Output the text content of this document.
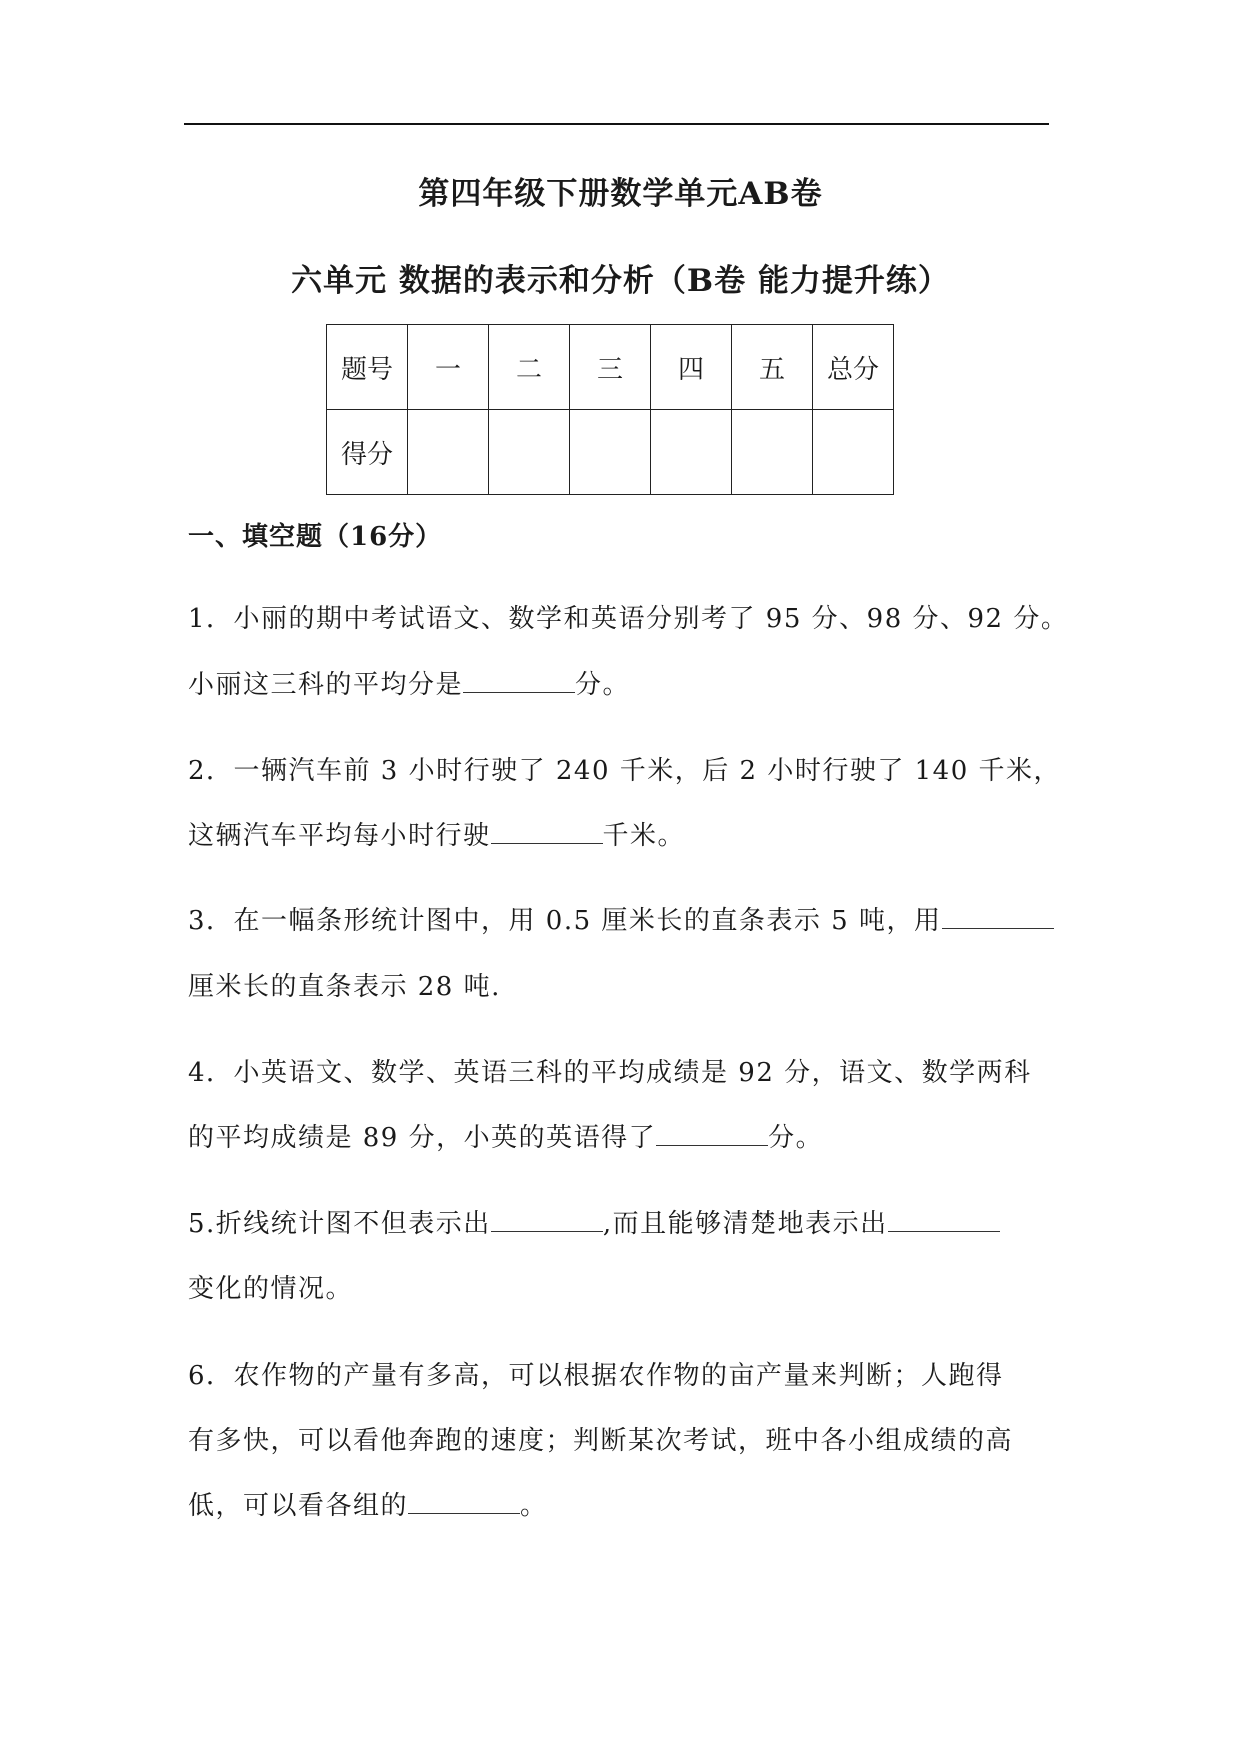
第四年级下册数学单元AB卷
六单元 数据的表示和分析（B卷 能力提升练）
题号	一	二	三	四	五	总分
得分						
一、填空题（16分）
1．小丽的期中考试语文、数学和英语分别考了 95 分、98 分、92 分。
小丽这三科的平均分是	分。
2．一辆汽车前 3 小时行驶了 240 千米，后 2 小时行驶了 140 千米，
这辆汽车平均每小时行驶	千米。
3．在一幅条形统计图中，用 0.5 厘米长的直条表示 5 吨，用
厘米长的直条表示 28 吨.
4．小英语文、数学、英语三科的平均成绩是 92 分，语文、数学两科
的平均成绩是 89 分，小英的英语得了	分。
5.折线统计图不但表示出	,而且能够清楚地表示出
变化的情况。
6．农作物的产量有多高，可以根据农作物的亩产量来判断；人跑得
有多快，可以看他奔跑的速度；判断某次考试，班中各小组成绩的高
低，可以看各组的	。
